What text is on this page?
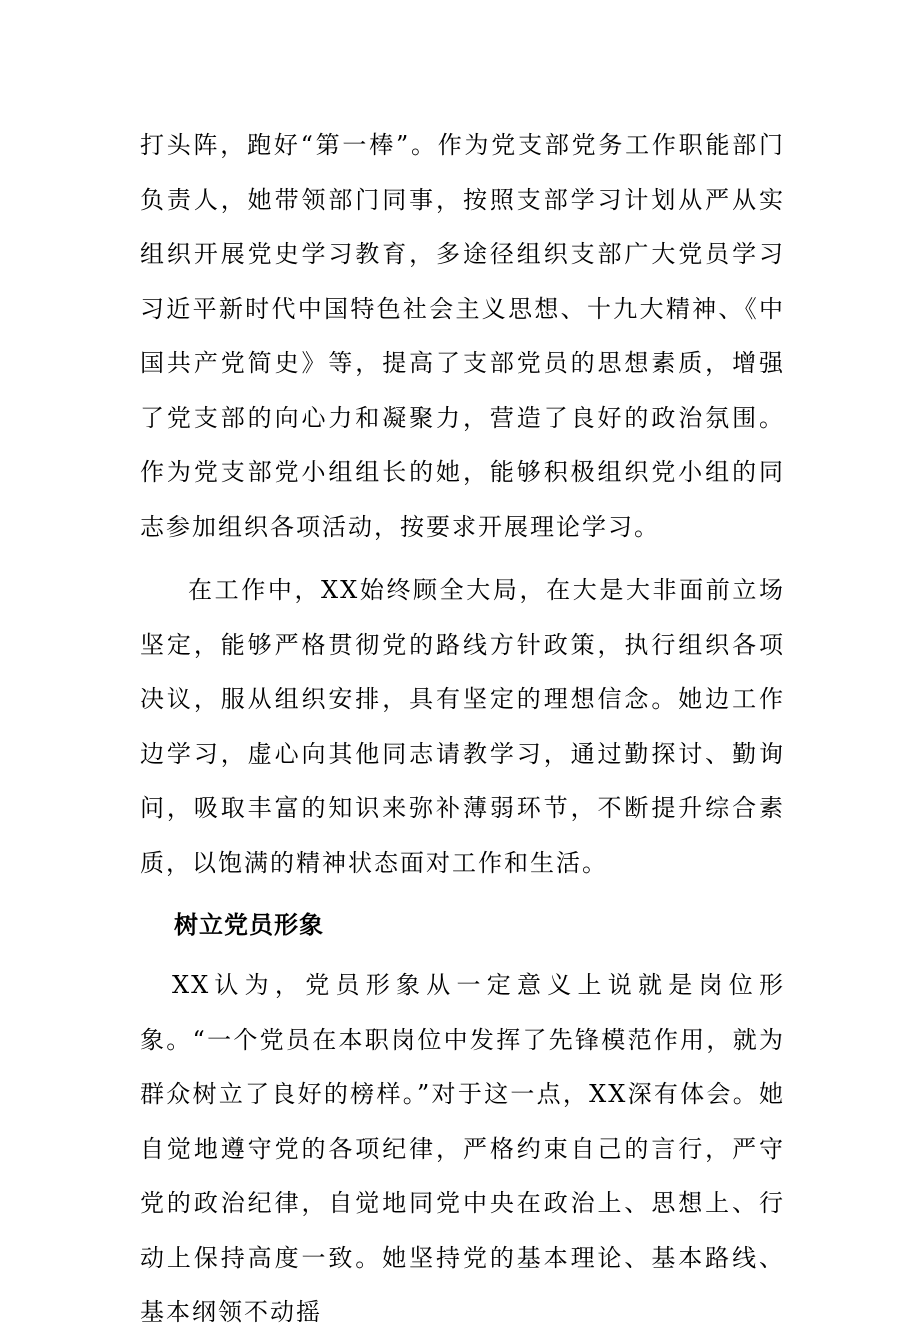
打头阵，跑好“第一棒”。作为党支部党务工作职能部门负责人，她带领部门同事，按照支部学习计划从严从实组织开展党史学习教育，多途径组织支部广大党员学习习近平新时代中国特色社会主义思想、十九大精神、《中国共产党简史》等，提高了支部党员的思想素质，增强了党支部的向心力和凝聚力，营造了良好的政治氛围。作为党支部党小组组长的她，能够积极组织党小组的同志参加组织各项活动，按要求开展理论学习。

在工作中，XX始终顾全大局，在大是大非面前立场坚定，能够严格贯彻党的路线方针政策，执行组织各项决议，服从组织安排，具有坚定的理想信念。她边工作边学习，虚心向其他同志请教学习，通过勤探讨、勤询问，吸取丰富的知识来弥补薄弱环节，不断提升综合素质，以饱满的精神状态面对工作和生活。

树立党员形象

XX认为，党员形象从一定意义上说就是岗位形象。“一个党员在本职岗位中发挥了先锋模范作用，就为群众树立了良好的榜样。”对于这一点，XX深有体会。她自觉地遵守党的各项纪律，严格约束自己的言行，严守党的政治纪律，自觉地同党中央在政治上、思想上、行动上保持高度一致。她坚持党的基本理论、基本路线、基本纲领不动摇
